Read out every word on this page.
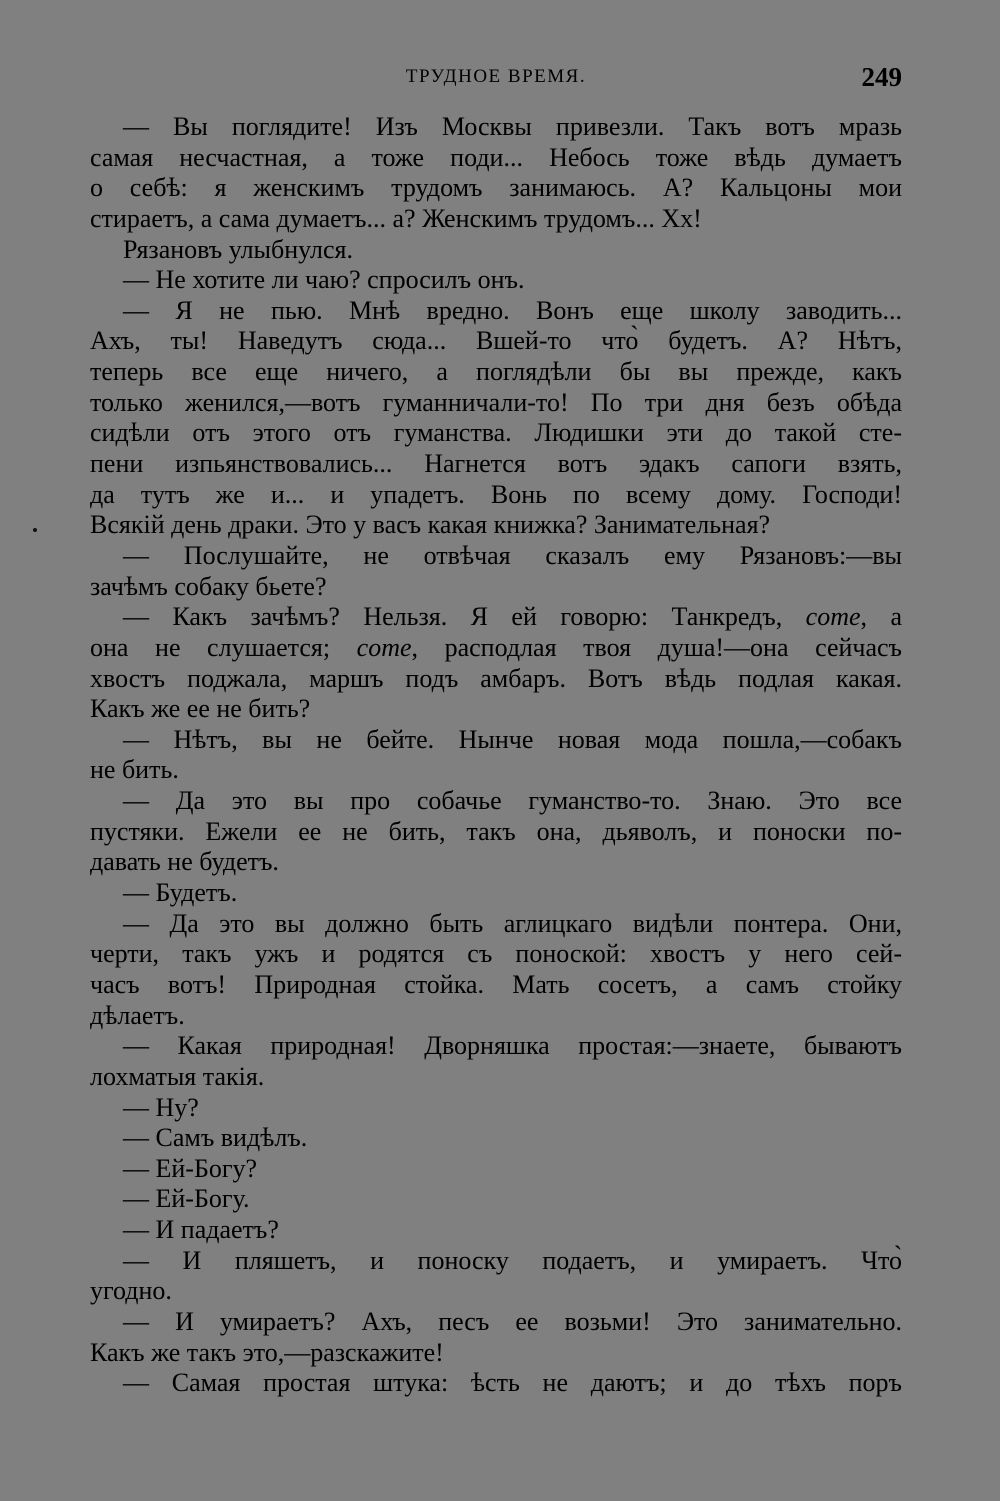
ТРУДНОЕ ВРЕМЯ.	249
— Вы поглядите! Изъ Москвы привезли. Такъ вотъ мразь
самая несчастная, а тоже поди... Небось тоже вѣдь думаетъ
о себѣ: я женскимъ трудомъ занимаюсь. А? Кальцоны мои
стираетъ, а сама думаетъ... а? Женскимъ трудомъ... Хх!
Рязановъ улыбнулся.
— Не хотите ли чаю? спросилъ онъ.
— Я не пью. Мнѣ вредно. Вонъ еще школу заводить...
Ахъ, ты! Наведутъ сюда... Вшей-то что̀ будетъ. А? Нѣтъ,
теперь все еще ничего, а поглядѣли бы вы прежде, какъ
только женился,—вотъ гуманничали-то! По три дня безъ обѣда
сидѣли отъ этого отъ гуманства. Людишки эти до такой сте-
пени изпьянствовались... Нагнется вотъ эдакъ сапоги взять,
да тутъ же и... и упадетъ. Вонь по всему дому. Господи!
Всякій день драки. Это у васъ какая книжка? Занимательная?
— Послушайте, не отвѣчая сказалъ ему Рязановъ:—вы
зачѣмъ собаку бьете?
— Какъ зачѣмъ? Нельзя. Я ей говорю: Танкредъ, coте, а
она не слушается; coте, расподлая твоя душа!—она сейчасъ
хвостъ поджала, маршъ подъ амбаръ. Вотъ вѣдь подлая какая.
Какъ же ее не бить?
— Нѣтъ, вы не бейте. Нынче новая мода пошла,—собакъ
не бить.
— Да это вы про собачье гуманство-то. Знаю. Это все
пустяки. Ежели ее не бить, такъ она, дьяволъ, и поноски по-
давать не будетъ.
— Будетъ.
— Да это вы должно быть аглицкаго видѣли понтера. Они,
черти, такъ ужъ и родятся съ поноской: хвостъ у него сей-
часъ вотъ! Природная стойка. Мать сосетъ, а самъ стойку
дѣлаетъ.
— Какая природная! Дворняшка простая:—знаете, бываютъ
лохматыя такія.
— Ну?
— Самъ видѣлъ.
— Ей-Богу?
— Ей-Богу.
— И падаетъ?
— И пляшетъ, и поноску подаетъ, и умираетъ. Что̀
угодно.
— И умираетъ? Ахъ, песъ ее возьми! Это занимательно.
Какъ же такъ это,—разскажите!
— Самая простая штука: ѣсть не даютъ; и до тѣхъ поръ
